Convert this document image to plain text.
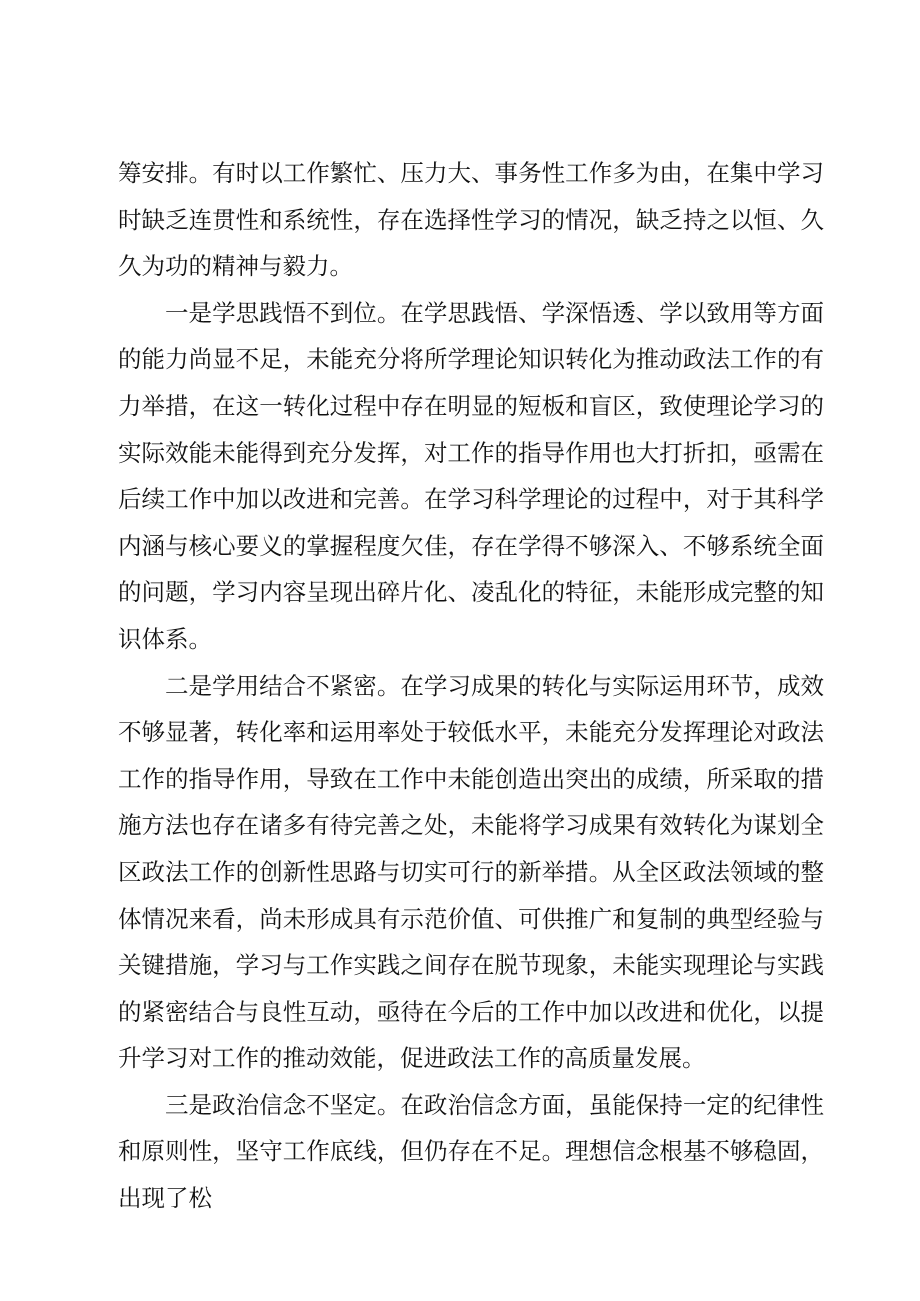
筹安排。有时以工作繁忙、压力大、事务性工作多为由，在集中学习时缺乏连贯性和系统性，存在选择性学习的情况，缺乏持之以恒、久久为功的精神与毅力。

一是学思践悟不到位。在学思践悟、学深悟透、学以致用等方面的能力尚显不足，未能充分将所学理论知识转化为推动政法工作的有力举措，在这一转化过程中存在明显的短板和盲区，致使理论学习的实际效能未能得到充分发挥，对工作的指导作用也大打折扣，亟需在后续工作中加以改进和完善。在学习科学理论的过程中，对于其科学内涵与核心要义的掌握程度欠佳，存在学得不够深入、不够系统全面的问题，学习内容呈现出碎片化、凌乱化的特征，未能形成完整的知识体系。

二是学用结合不紧密。在学习成果的转化与实际运用环节，成效不够显著，转化率和运用率处于较低水平，未能充分发挥理论对政法工作的指导作用，导致在工作中未能创造出突出的成绩，所采取的措施方法也存在诸多有待完善之处，未能将学习成果有效转化为谋划全区政法工作的创新性思路与切实可行的新举措。从全区政法领域的整体情况来看，尚未形成具有示范价值、可供推广和复制的典型经验与关键措施，学习与工作实践之间存在脱节现象，未能实现理论与实践的紧密结合与良性互动，亟待在今后的工作中加以改进和优化，以提升学习对工作的推动效能，促进政法工作的高质量发展。

三是政治信念不坚定。在政治信念方面，虽能保持一定的纪律性和原则性，坚守工作底线，但仍存在不足。理想信念根基不够稳固，出现了松
